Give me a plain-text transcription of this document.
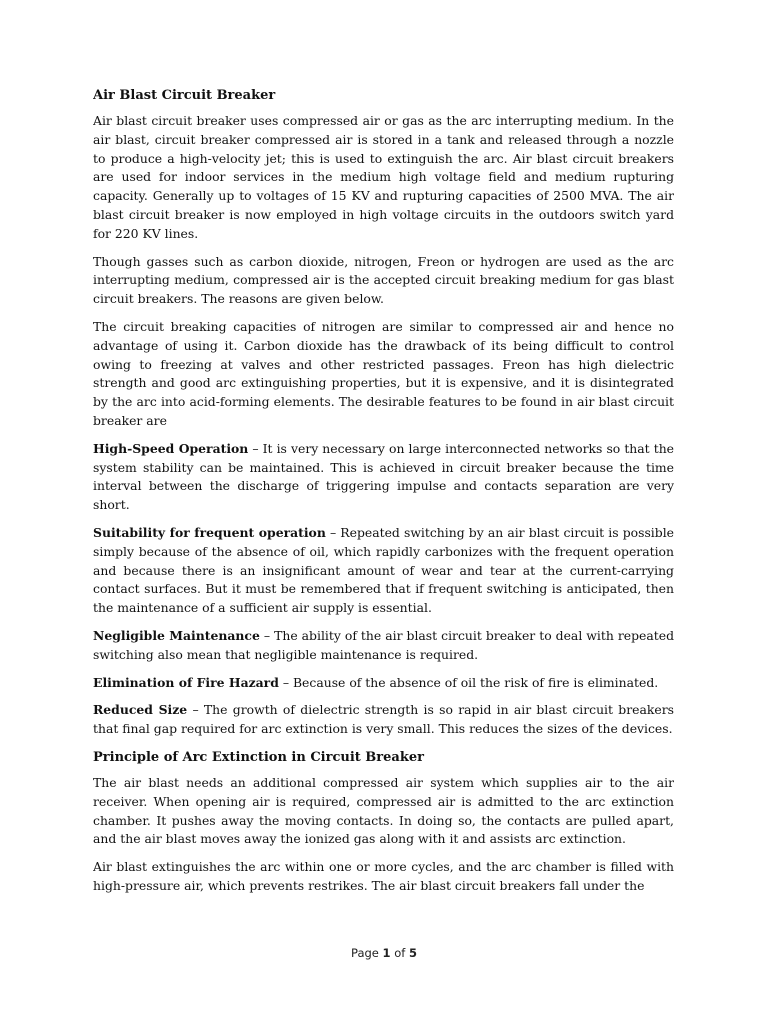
Air Blast Circuit Breaker

Air blast circuit breaker uses compressed air or gas as the arc interrupting medium. In the air blast, circuit breaker compressed air is stored in a tank and released through a nozzle to produce a high-velocity jet; this is used to extinguish the arc. Air blast circuit breakers are used for indoor services in the medium high voltage field and medium rupturing capacity. Generally up to voltages of 15 KV and rupturing capacities of 2500 MVA. The air blast circuit breaker is now employed in high voltage circuits in the outdoors switch yard for 220 KV lines.

Though gasses such as carbon dioxide, nitrogen, Freon or hydrogen are used as the arc interrupting medium, compressed air is the accepted circuit breaking medium for gas blast circuit breakers. The reasons are given below.

The circuit breaking capacities of nitrogen are similar to compressed air and hence no advantage of using it. Carbon dioxide has the drawback of its being difficult to control owing to freezing at valves and other restricted passages. Freon has high dielectric strength and good arc extinguishing properties, but it is expensive, and it is disintegrated by the arc into acid-forming elements. The desirable features to be found in air blast circuit breaker are

High-Speed Operation – It is very necessary on large interconnected networks so that the system stability can be maintained. This is achieved in circuit breaker because the time interval between the discharge of triggering impulse and contacts separation are very short.

Suitability for frequent operation – Repeated switching by an air blast circuit is possible simply because of the absence of oil, which rapidly carbonizes with the frequent operation and because there is an insignificant amount of wear and tear at the current-carrying contact surfaces. But it must be remembered that if frequent switching is anticipated, then the maintenance of a sufficient air supply is essential.

Negligible Maintenance – The ability of the air blast circuit breaker to deal with repeated switching also mean that negligible maintenance is required.

Elimination of Fire Hazard – Because of the absence of oil the risk of fire is eliminated.

Reduced Size – The growth of dielectric strength is so rapid in air blast circuit breakers that final gap required for arc extinction is very small. This reduces the sizes of the devices.

Principle of Arc Extinction in Circuit Breaker

The air blast needs an additional compressed air system which supplies air to the air receiver. When opening air is required, compressed air is admitted to the arc extinction chamber. It pushes away the moving contacts. In doing so, the contacts are pulled apart, and the air blast moves away the ionized gas along with it and assists arc extinction.

Air blast extinguishes the arc within one or more cycles, and the arc chamber is filled with high-pressure air, which prevents restrikes. The air blast circuit breakers fall under the

Page 1 of 5
